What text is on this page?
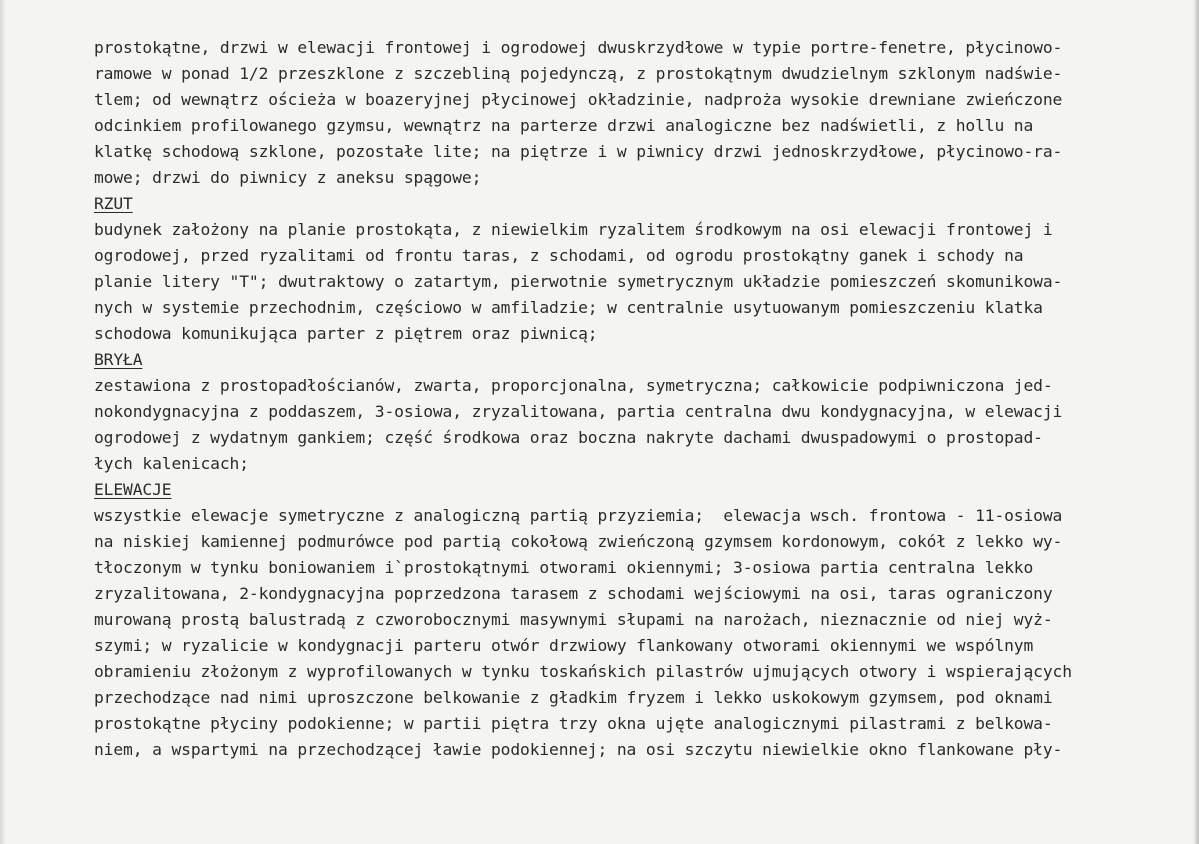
prostokątne, drzwi w elewacji frontowej i ogrodowej dwuskrzydłowe w typie portre-fenetre, płycinowo-
ramowe w ponad 1/2 przeszklone z szczebliną pojedynczą, z prostokątnym dwudzielnym szklonym nadświe-
tlem; od wewnątrz ościeża w boazeryjnej płycinowej okładzinie, nadproża wysokie drewniane zwieńczone
odcinkiem profilowanego gzymsu, wewnątrz na parterze drzwi analogiczne bez nadświetli, z hollu na
klatkę schodową szklone, pozostałe lite; na piętrze i w piwnicy drzwi jednoskrzydłowe, płycinowo-ra-
mowe; drzwi do piwnicy z aneksu spągowe;
RZUT
budynek założony na planie prostokąta, z niewielkim ryzalitem środkowym na osi elewacji frontowej i
ogrodowej, przed ryzalitami od frontu taras, z schodami, od ogrodu prostokątny ganek i schody na
planie litery "T"; dwutraktowy o zatartym, pierwotnie symetrycznym układzie pomieszczeń skomunikowa-
nych w systemie przechodnim, częściowo w amfiladzie; w centralnie usytuowanym pomieszczeniu klatka
schodowa komunikująca parter z piętrem oraz piwnicą;
BRYŁA
zestawiona z prostopadłościanów, zwarta, proporcjonalna, symetryczna; całkowicie podpiwniczona jed-
nokondygnacyjna z poddaszem, 3-osiowa, zryzalitowana, partia centralna dwu kondygnacyjna, w elewacji
ogrodowej z wydatnym gankiem; część środkowa oraz boczna nakryte dachami dwuspadowymi o prostopad-
łych kalenicach;
ELEWACJE
wszystkie elewacje symetryczne z analogiczną partią przyziemia;  elewacja wsch. frontowa - 11-osiowa
na niskiej kamiennej podmurówce pod partią cokołową zwieńczoną gzymsem kordonowym, cokół z lekko wy-
tłoczonym w tynku boniowaniem i`prostokątnymi otworami okiennymi; 3-osiowa partia centralna lekko
zryzalitowana, 2-kondygnacyjna poprzedzona tarasem z schodami wejściowymi na osi, taras ograniczony
murowaną prostą balustradą z czworobocznymi masywnymi słupami na narożach, nieznacznie od niej wyż-
szymi; w ryzalicie w kondygnacji parteru otwór drzwiowy flankowany otworami okiennymi we wspólnym
obramieniu złożonym z wyprofilowanych w tynku toskańskich pilastrów ujmujących otwory i wspierających
przechodzące nad nimi uproszczone belkowanie z gładkim fryzem i lekko uskokowym gzymsem, pod oknami
prostokątne płyciny podokienne; w partii piętra trzy okna ujęte analogicznymi pilastrami z belkowa-
niem, a wspartymi na przechodzącej ławie podokiennej; na osi szczytu niewielkie okno flankowane pły-
